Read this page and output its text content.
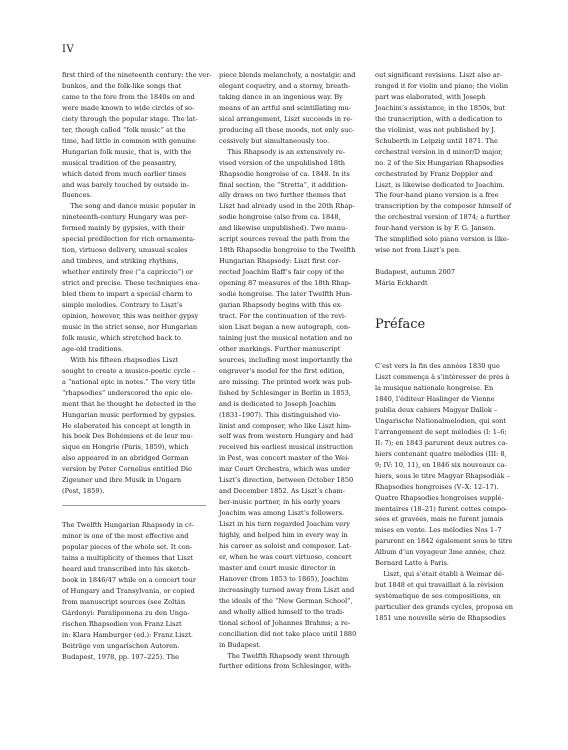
IV

first third of the nineteenth century: the ver-

bunkos, and the folk-like songs that

came to the fore from the 1840s on and

were made known to wide circles of so-

ciety through the popular stage. The lat-

ter, though called “folk music” at the

time, had little in common with genuine

Hungarian folk music, that is, with the

musical tradition of the peasantry,

which dated from much earlier times

and was barely touched by outside in-

fluences.

The song and dance music popular in

nineteenth-century Hungary was per-

formed mainly by gypsies, with their

special predilection for rich ornamenta-

tion, virtuoso delivery, unusual scales

and timbres, and striking rhythms,

whether entirely free (“a capriccio”) or

strict and precise. These techniques ena-

bled them to impart a special charm to

simple melodies. Contrary to Liszt’s

opinion, however, this was neither gypsy

music in the strict sense, nor Hungarian

folk music, which stretched back to

age-old traditions.

With his fifteen rhapsodies Liszt

sought to create a musico-poetic cycle -

a “national epic in notes.” The very title

“rhapsodies” underscored the epic ele-

ment that he thought he detected in the

Hungarian music performed by gypsies.

He elaborated his concept at length in

his book Des Bohémiens et de leur mu-

sique en Hongrie (Paris, 1859), which

also appeared in an abridged German

version by Peter Cornelius entitled Die

Zigeuner und ihre Musik in Ungarn

(Pest, 1859).

The Twelfth Hungarian Rhapsody in c♯-

minor is one of the most effective and

popular pieces of the whole set. It con-

tains a multiplicity of themes that Liszt

heard and transcribed into his sketch-

book in 1846/47 while on a concert tour

of Hungary and Transylvania, or copied

from manuscript sources (see Zoltán

Gárdonyi: Paralipomena zu den Unga-

rischen Rhapsodien von Franz Liszt

in: Klara Hamburger (ed.): Franz Liszt.

Beiträge von ungarischen Autoren.

Budapest, 1978, pp. 197–225). The

piece blends melancholy, a nostalgic and

elegant coquetry, and a stormy, breath-

taking dance in an ingenious way. By

means of an artful and scintillating mu-

sical arrangement, Liszt succeeds in re-

producing all these moods, not only suc-

cessively but simultaneously too.

This Rhapsody is an extensively re-

vised version of the unpublished 18th

Rhapsodie hongroise of ca. 1848. In its

final section, the “Stretta”, it addition-

ally draws on two further themes that

Liszt had already used in the 20th Rhap-

sodie hongroise (also from ca. 1848,

and likewise unpublished). Two manu-

script sources reveal the path from the

18th Rhapsodie hongroise to the Twelfth

Hungarian Rhapsody: Liszt first cor-

rected Joachim Raff’s fair copy of the

opening 87 measures of the 18th Rhap-

sodie hongroise. The later Twelfth Hun-

garian Rhapsody begins with this ex-

tract. For the continuation of the revi-

sion Liszt began a new autograph, con-

taining just the musical notation and no

other markings. Further manuscript

sources, including most importantly the

engraver’s model for the first edition,

are missing. The printed work was pub-

lished by Schlesinger in Berlin in 1853,

and is dedicated to Joseph Joachim

(1831–1907). This distinguished vio-

linist and composer, who like Liszt him-

self was from western Hungary and had

received his earliest musical instruction

in Pest, was concert master of the Wei-

mar Court Orchestra, which was under

Liszt’s direction, between October 1850

and December 1852. As Liszt’s cham-

ber-music partner, in his early years

Joachim was among Liszt’s followers.

Liszt in his turn regarded Joachim very

highly, and helped him in every way in

his career as soloist and composer. Lat-

er, when he was court virtuoso, concert

master and court music director in

Hanover (from 1853 to 1865), Joachim

increasingly turned away from Liszt and

the ideals of the “New German School”,

and wholly allied himself to the tradi-

tional school of Johannes Brahms; a re-

conciliation did not take place until 1880

in Budapest.

The Twelfth Rhapsody went through

further editions from Schlesinger, with-

out significant revisions. Liszt also ar-

ranged it for violin and piano; the violin

part was elaborated, with Joseph

Joachim’s assistance, in the 1850s, but

the transcription, with a dedication to

the violinist, was not published by J.

Schuberth in Leipzig until 1871. The

orchestral version in d minor/D major,

no. 2 of the Six Hungarian Rhapsodies

orchestrated by Franz Doppler and

Liszt, is likewise dedicated to Joachim.

The four-hand piano version is a free

transcription by the composer himself of

the orchestral version of 1874; a further

four-hand version is by F. G. Jansen.

The simplified solo piano version is like-

wise not from Liszt’s pen.

Budapest, autumn 2007

Mária Eckhardt

Préface

C’est vers la fin des années 1830 que

Liszt commença à s’intéresser de près à

la musique nationale hongroise. En

1840, l’éditeur Haslinger de Vienne

publia deux cahiers Magyar Dallok –

Ungarische Nationalmelodien, qui sont

l’arrangement de sept mélodies (I: 1–6;

II: 7); en 1843 parurent deux autres ca-

hiers contenant quatre mélodies (III: 8,

9; IV: 10, 11), en 1846 six nouveaux ca-

hiers, sous le titre Magyar Rhapsodiák –

Rhapsodies hongroises (V–X: 12–17).

Quatre Rhapsodies hongroises supplé-

mentaires (18–21) furent cettes compo-

sées et gravées, mais ne furent jamais

mises en vente. Les mélodies Nos 1–7

parurent en 1842 également sous le titre

Album d’un voyageur 3me année, chez

Bernard Latte à Paris.

Liszt, qui s’était établi à Weimar dé-

but 1848 et qui travaillait à la révision

systématique de ses compositions, en

particulier des grands cycles, proposa en

1851 une nouvelle série de Rhapsodies
